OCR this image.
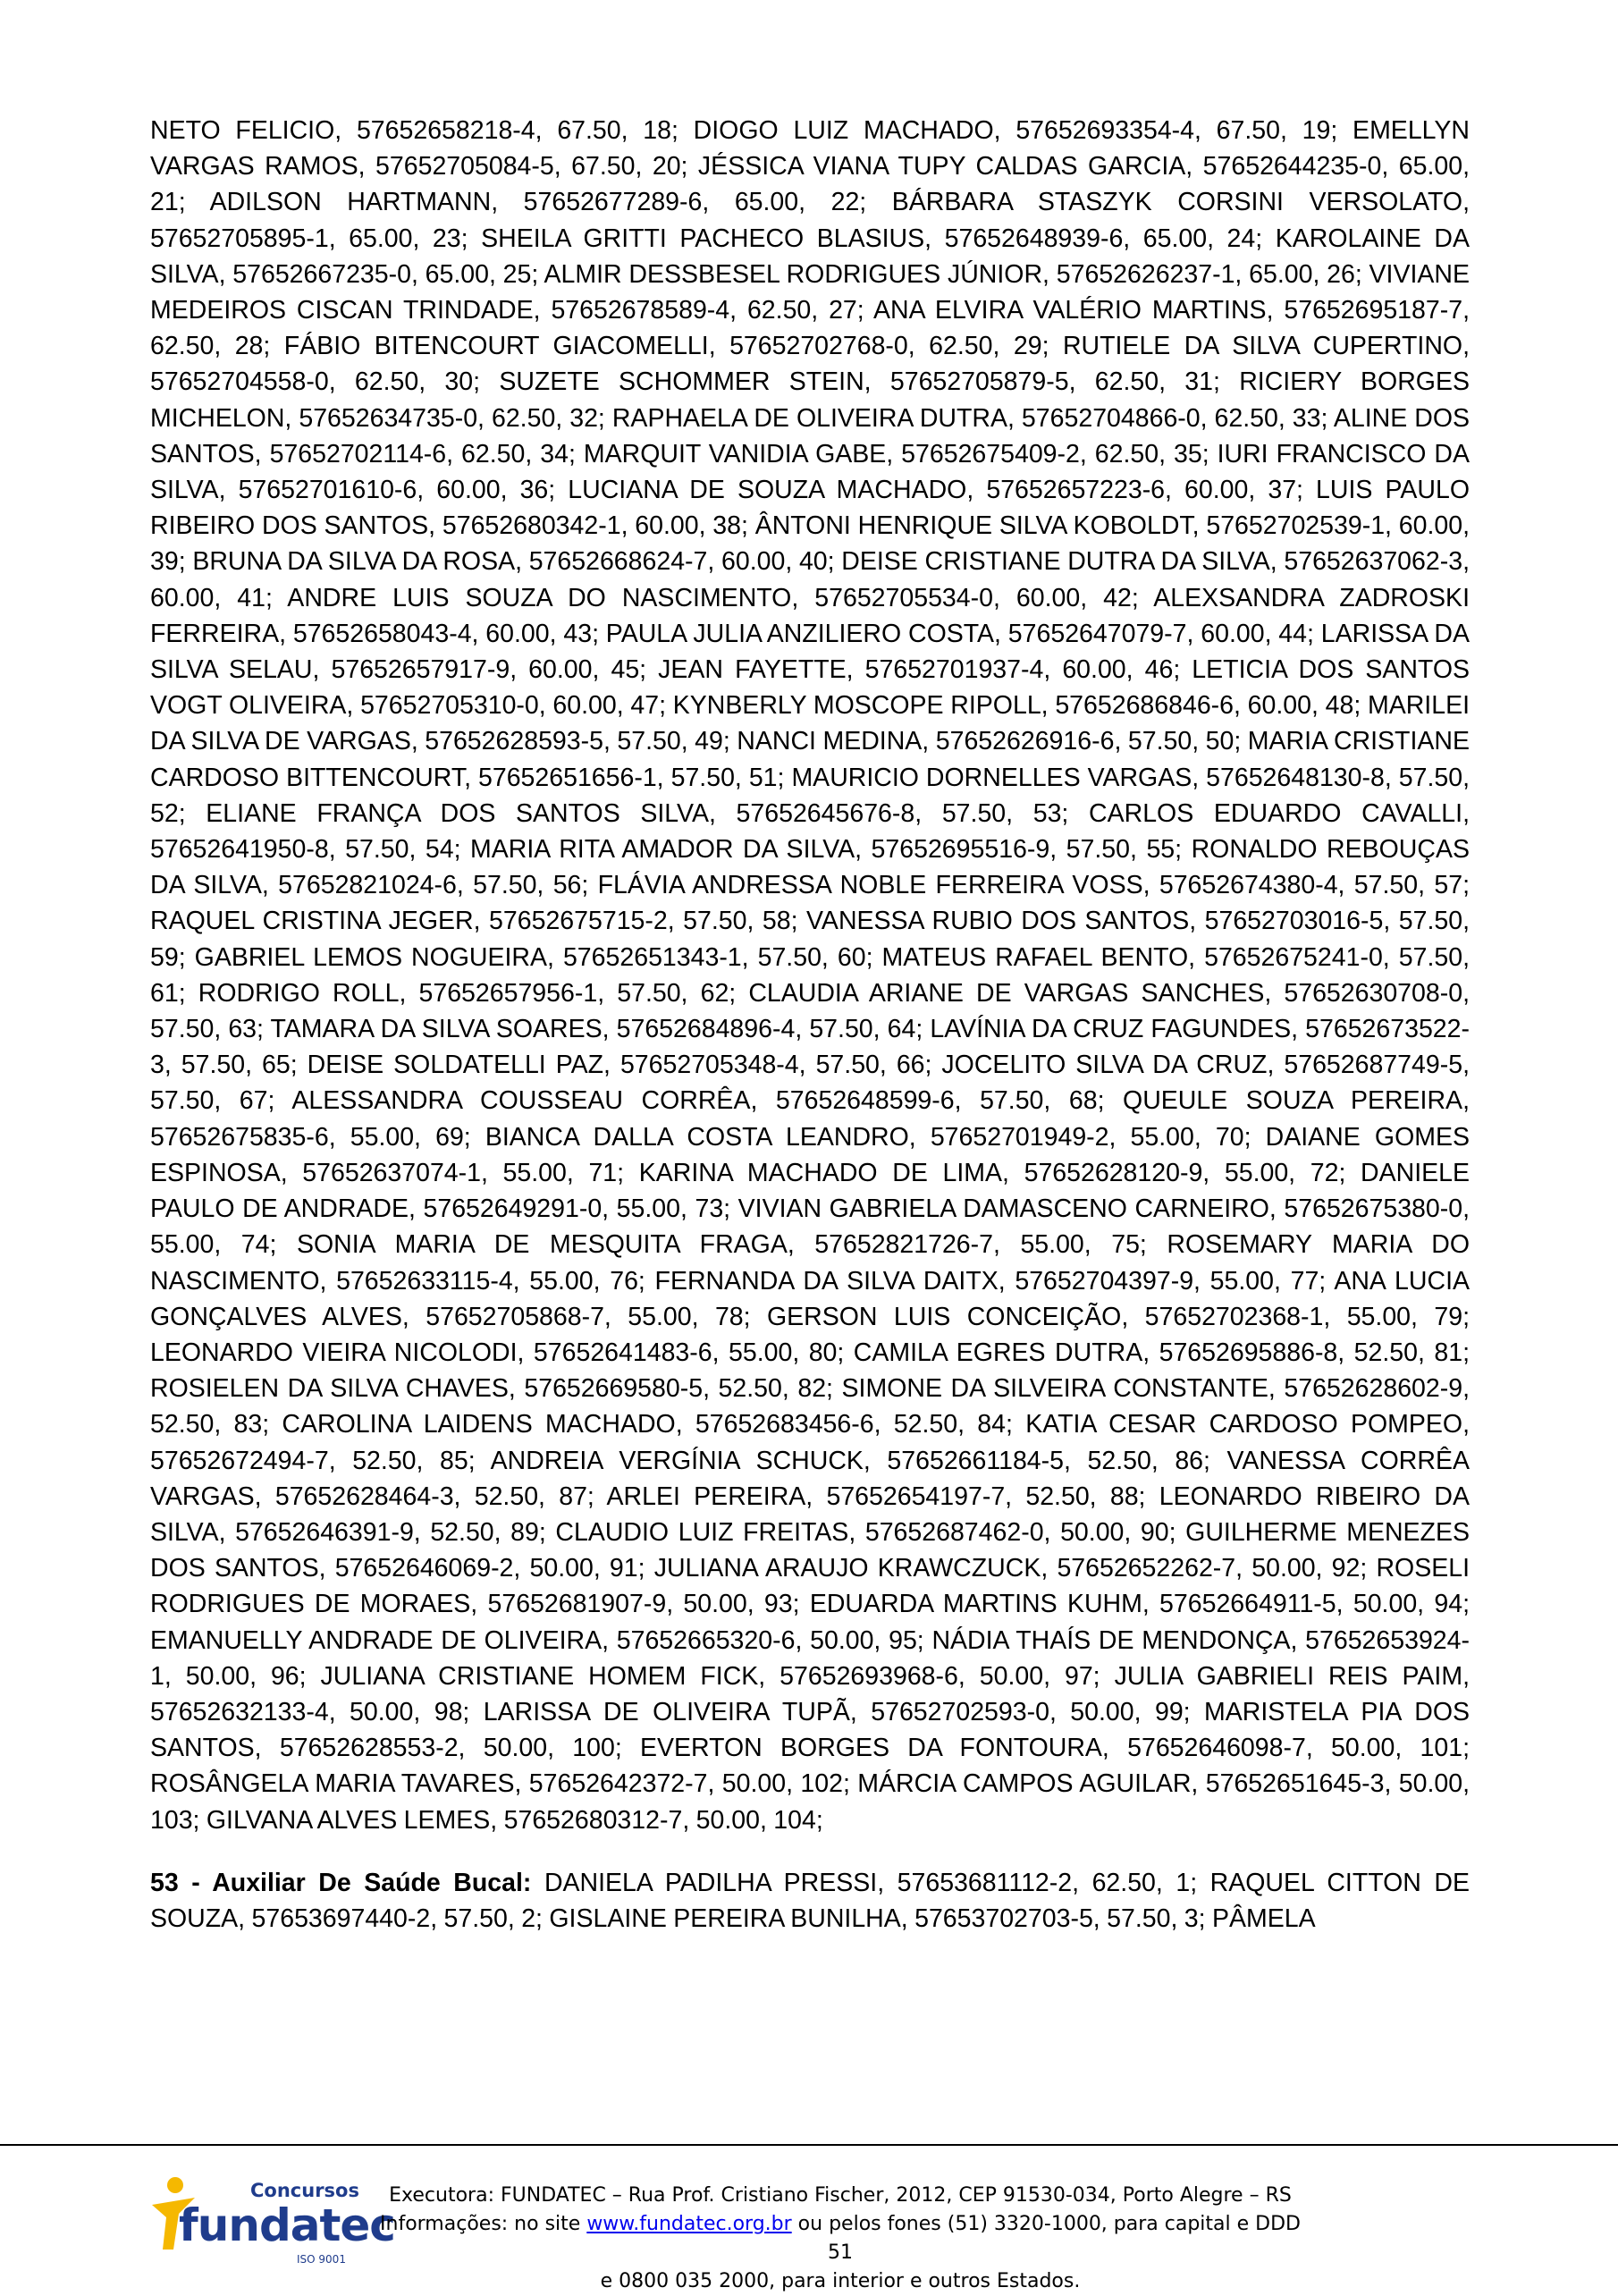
NETO FELICIO, 57652658218-4, 67.50, 18; DIOGO LUIZ MACHADO, 57652693354-4, 67.50, 19; EMELLYN VARGAS RAMOS, 57652705084-5, 67.50, 20; JÉSSICA VIANA TUPY CALDAS GARCIA, 57652644235-0, 65.00, 21; ADILSON HARTMANN, 57652677289-6, 65.00, 22; BÁRBARA STASZYK CORSINI VERSOLATO, 57652705895-1, 65.00, 23; SHEILA GRITTI PACHECO BLASIUS, 57652648939-6, 65.00, 24; KAROLAINE DA SILVA, 57652667235-0, 65.00, 25; ALMIR DESSBESEL RODRIGUES JÚNIOR, 57652626237-1, 65.00, 26; VIVIANE MEDEIROS CISCAN TRINDADE, 57652678589-4, 62.50, 27; ANA ELVIRA VALÉRIO MARTINS, 57652695187-7, 62.50, 28; FÁBIO BITENCOURT GIACOMELLI, 57652702768-0, 62.50, 29; RUTIELE DA SILVA CUPERTINO, 57652704558-0, 62.50, 30; SUZETE SCHOMMER STEIN, 57652705879-5, 62.50, 31; RICIERY BORGES MICHELON, 57652634735-0, 62.50, 32; RAPHAELA DE OLIVEIRA DUTRA, 57652704866-0, 62.50, 33; ALINE DOS SANTOS, 57652702114-6, 62.50, 34; MARQUIT VANIDIA GABE, 57652675409-2, 62.50, 35; IURI FRANCISCO DA SILVA, 57652701610-6, 60.00, 36; LUCIANA DE SOUZA MACHADO, 57652657223-6, 60.00, 37; LUIS PAULO RIBEIRO DOS SANTOS, 57652680342-1, 60.00, 38; ÂNTONI HENRIQUE SILVA KOBOLDT, 57652702539-1, 60.00, 39; BRUNA DA SILVA DA ROSA, 57652668624-7, 60.00, 40; DEISE CRISTIANE DUTRA DA SILVA, 57652637062-3, 60.00, 41; ANDRE LUIS SOUZA DO NASCIMENTO, 57652705534-0, 60.00, 42; ALEXSANDRA ZADROSKI FERREIRA, 57652658043-4, 60.00, 43; PAULA JULIA ANZILIERO COSTA, 57652647079-7, 60.00, 44; LARISSA DA SILVA SELAU, 57652657917-9, 60.00, 45; JEAN FAYETTE, 57652701937-4, 60.00, 46; LETICIA DOS SANTOS VOGT OLIVEIRA, 57652705310-0, 60.00, 47; KYNBERLY MOSCOPE RIPOLL, 57652686846-6, 60.00, 48; MARILEI DA SILVA DE VARGAS, 57652628593-5, 57.50, 49; NANCI MEDINA, 57652626916-6, 57.50, 50; MARIA CRISTIANE CARDOSO BITTENCOURT, 57652651656-1, 57.50, 51; MAURICIO DORNELLES VARGAS, 57652648130-8, 57.50, 52; ELIANE FRANÇA DOS SANTOS SILVA, 57652645676-8, 57.50, 53; CARLOS EDUARDO CAVALLI, 57652641950-8, 57.50, 54; MARIA RITA AMADOR DA SILVA, 57652695516-9, 57.50, 55; RONALDO REBOUÇAS DA SILVA, 57652821024-6, 57.50, 56; FLÁVIA ANDRESSA NOBLE FERREIRA VOSS, 57652674380-4, 57.50, 57; RAQUEL CRISTINA JEGER, 57652675715-2, 57.50, 58; VANESSA RUBIO DOS SANTOS, 57652703016-5, 57.50, 59; GABRIEL LEMOS NOGUEIRA, 57652651343-1, 57.50, 60; MATEUS RAFAEL BENTO, 57652675241-0, 57.50, 61; RODRIGO ROLL, 57652657956-1, 57.50, 62; CLAUDIA ARIANE DE VARGAS SANCHES, 57652630708-0, 57.50, 63; TAMARA DA SILVA SOARES, 57652684896-4, 57.50, 64; LAVÍNIA DA CRUZ FAGUNDES, 57652673522-3, 57.50, 65; DEISE SOLDATELLI PAZ, 57652705348-4, 57.50, 66; JOCELITO SILVA DA CRUZ, 57652687749-5, 57.50, 67; ALESSANDRA COUSSEAU CORRÊA, 57652648599-6, 57.50, 68; QUEULE SOUZA PEREIRA, 57652675835-6, 55.00, 69; BIANCA DALLA COSTA LEANDRO, 57652701949-2, 55.00, 70; DAIANE GOMES ESPINOSA, 57652637074-1, 55.00, 71; KARINA MACHADO DE LIMA, 57652628120-9, 55.00, 72; DANIELE PAULO DE ANDRADE, 57652649291-0, 55.00, 73; VIVIAN GABRIELA DAMASCENO CARNEIRO, 57652675380-0, 55.00, 74; SONIA MARIA DE MESQUITA FRAGA, 57652821726-7, 55.00, 75; ROSEMARY MARIA DO NASCIMENTO, 57652633115-4, 55.00, 76; FERNANDA DA SILVA DAITX, 57652704397-9, 55.00, 77; ANA LUCIA GONÇALVES ALVES, 57652705868-7, 55.00, 78; GERSON LUIS CONCEIÇÃO, 57652702368-1, 55.00, 79; LEONARDO VIEIRA NICOLODI, 57652641483-6, 55.00, 80; CAMILA EGRES DUTRA, 57652695886-8, 52.50, 81; ROSIELEN DA SILVA CHAVES, 57652669580-5, 52.50, 82; SIMONE DA SILVEIRA CONSTANTE, 57652628602-9, 52.50, 83; CAROLINA LAIDENS MACHADO, 57652683456-6, 52.50, 84; KATIA CESAR CARDOSO POMPEO, 57652672494-7, 52.50, 85; ANDREIA VERGÍNIA SCHUCK, 57652661184-5, 52.50, 86; VANESSA CORRÊA VARGAS, 57652628464-3, 52.50, 87; ARLEI PEREIRA, 57652654197-7, 52.50, 88; LEONARDO RIBEIRO DA SILVA, 57652646391-9, 52.50, 89; CLAUDIO LUIZ FREITAS, 57652687462-0, 50.00, 90; GUILHERME MENEZES DOS SANTOS, 57652646069-2, 50.00, 91; JULIANA ARAUJO KRAWCZUCK, 57652652262-7, 50.00, 92; ROSELI RODRIGUES DE MORAES, 57652681907-9, 50.00, 93; EDUARDA MARTINS KUHM, 57652664911-5, 50.00, 94; EMANUELLY ANDRADE DE OLIVEIRA, 57652665320-6, 50.00, 95; NÁDIA THAÍS DE MENDONÇA, 57652653924-1, 50.00, 96; JULIANA CRISTIANE HOMEM FICK, 57652693968-6, 50.00, 97; JULIA GABRIELI REIS PAIM, 57652632133-4, 50.00, 98; LARISSA DE OLIVEIRA TUPÃ, 57652702593-0, 50.00, 99; MARISTELA PIA DOS SANTOS, 57652628553-2, 50.00, 100; EVERTON BORGES DA FONTOURA, 57652646098-7, 50.00, 101; ROSÂNGELA MARIA TAVARES, 57652642372-7, 50.00, 102; MÁRCIA CAMPOS AGUILAR, 57652651645-3, 50.00, 103; GILVANA ALVES LEMES, 57652680312-7, 50.00, 104;

53 - Auxiliar De Saúde Bucal: DANIELA PADILHA PRESSI, 57653681112-2, 62.50, 1; RAQUEL CITTON DE SOUZA, 57653697440-2, 57.50, 2; GISLAINE PEREIRA BUNILHA, 57653702703-5, 57.50, 3; PÂMELA

Concursos
fundatec
ISO 9001
Executora: FUNDATEC – Rua Prof. Cristiano Fischer, 2012, CEP 91530-034, Porto Alegre – RS
Informações: no site www.fundatec.org.br ou pelos fones (51) 3320-1000, para capital e DDD 51
e 0800 035 2000, para interior e outros Estados.
